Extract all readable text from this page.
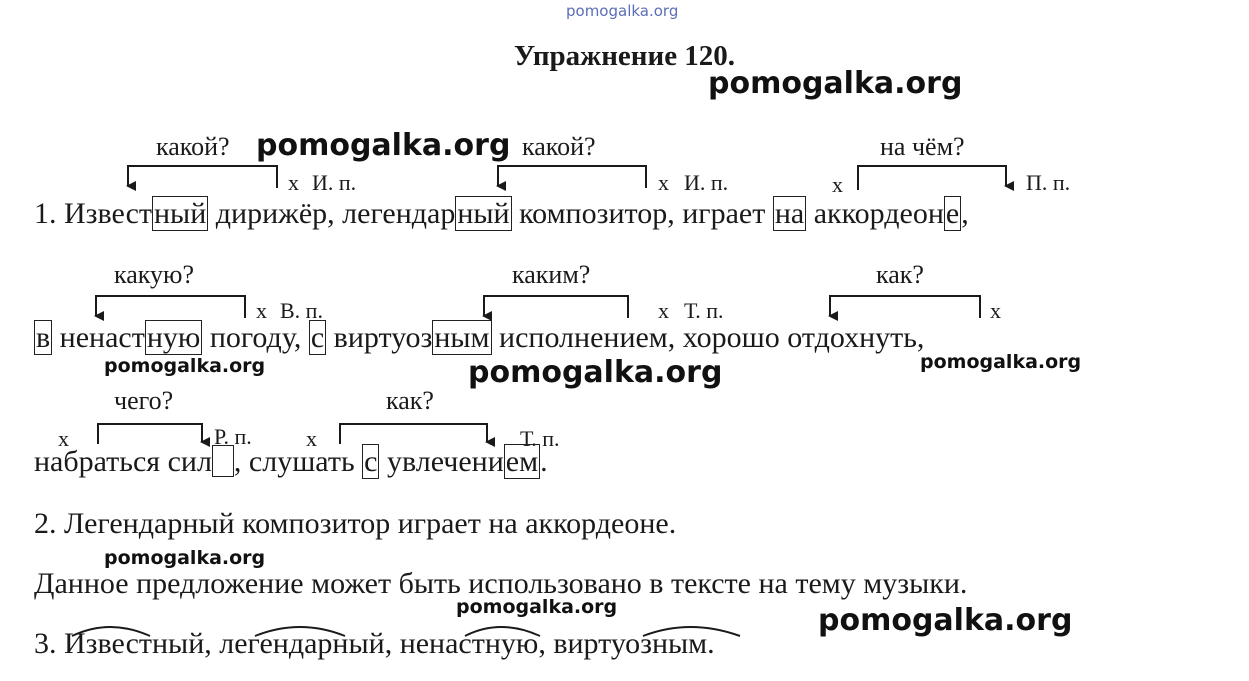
pomogalka.org
Упражнение 120.
pomogalka.org
pomogalka.org
pomogalka.org	pomogalka.org	pomogalka.org
pomogalka.org
pomogalka.org	pomogalka.org
какой?	какой?	на чём?
х И. п.	х И. п.	х	П. п.
1. Известный дирижёр, легендарный композитор, играет на аккордеоне,
какую?	каким?	как?
х В. п.	х Т. п.	х
в ненастную погоду, с виртуозным исполнением, хорошо отдохнуть,
чего?	как?
х	Р. п. х	Т. п.
набраться сил , слушать с увлечением.
2. Легендарный композитор играет на аккордеоне.
Данное предложение может быть использовано в тексте на тему музыки.
3. Известный, легендарный, ненастную, виртуозным.
